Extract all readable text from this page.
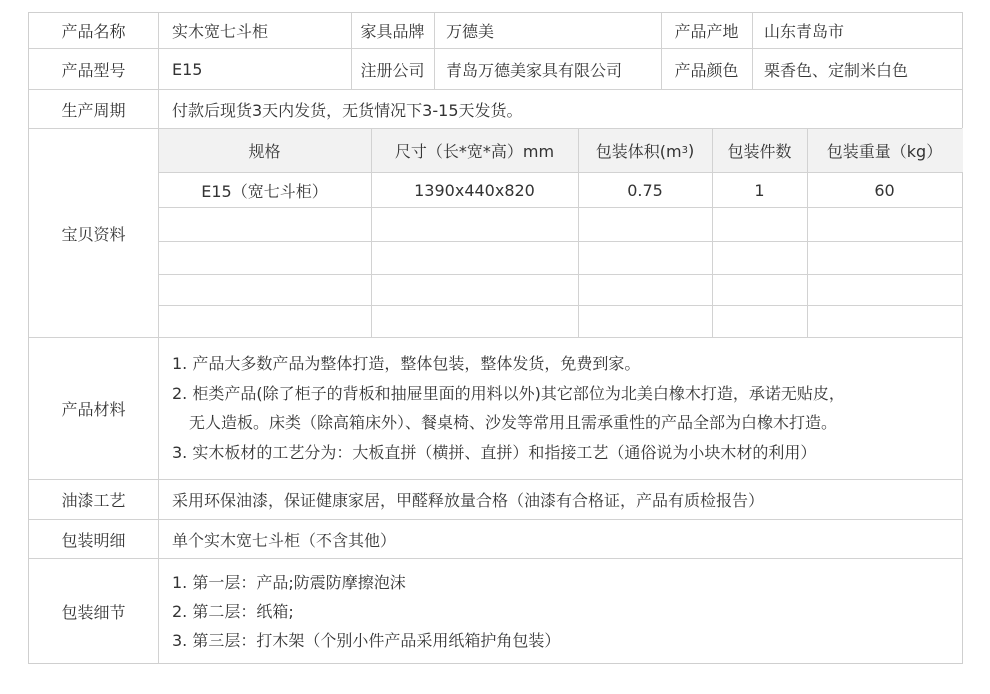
产品名称	实木宽七斗柜	家具品牌	万德美	产品产地	山东青岛市
产品型号	E15	注册公司	青岛万德美家具有限公司	产品颜色	栗香色、定制米白色
生产周期	付款后现货3天内发货，无货情况下3-15天发货。
宝贝资料
规格	尺寸（长*宽*高）mm	包装体积(m 3 )	包装件数	包装重量（kg）
E15（宽七斗柜）	1390x440x820	0.75	1	60
产品材料
1. 产品大多数产品为整体打造，整体包装，整体发货，免费到家。
2. 柜类产品(除了柜子的背板和抽屉里面的用料以外)其它部位为北美白橡木打造，承诺无贴皮，
无人造板。床类（除高箱床外）、餐桌椅、沙发等常用且需承重性的产品全部为白橡木打造。
3. 实木板材的工艺分为：大板直拼（横拼、直拼）和指接工艺（通俗说为小块木材的利用）
油漆工艺	采用环保油漆，保证健康家居，甲醛释放量合格（油漆有合格证，产品有质检报告）
包装明细	单个实木宽七斗柜（不含其他）
包装细节
1. 第一层：产品;防震防摩擦泡沫
2. 第二层：纸箱;
3. 第三层：打木架（个别小件产品采用纸箱护角包装）
